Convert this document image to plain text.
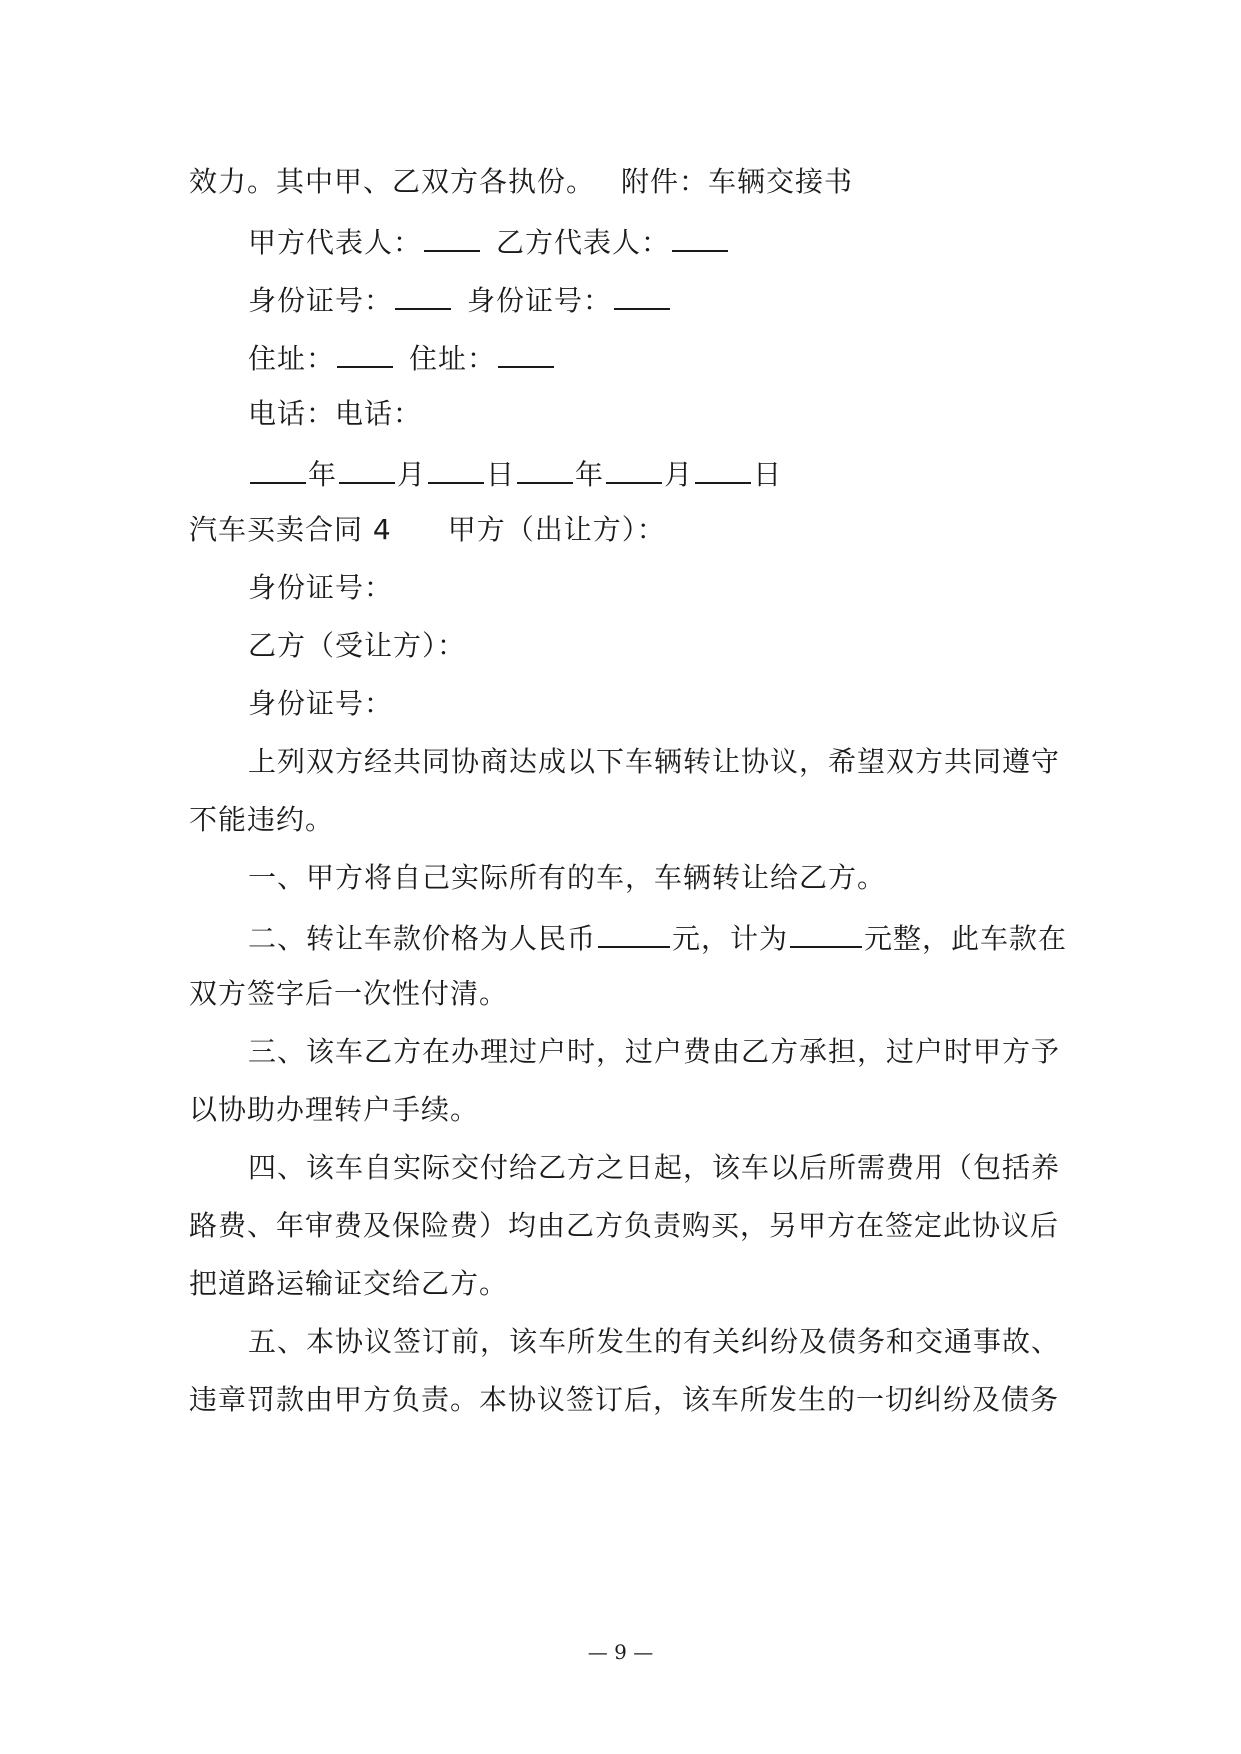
效力。其中甲、乙双方各执份。 附件：车辆交接书
甲方代表人：	乙方代表人：
身份证号：	身份证号：
住址：	住址：
电话：电话：
年 月 日 年 月 日
汽车买卖合同 4 甲方（出让方）：
身份证号：
乙方（受让方）：
身份证号：
上列双方经共同协商达成以下车辆转让协议，希望双方共同遵守
不能违约。
一、甲方将自己实际所有的车，车辆转让给乙方。
二、转让车款价格为人民币	元，计为	元整，此车款在
双方签字后一次性付清。
三、该车乙方在办理过户时，过户费由乙方承担，过户时甲方予
以协助办理转户手续。
四、该车自实际交付给乙方之日起，该车以后所需费用（包括养
路费、年审费及保险费）均由乙方负责购买，另甲方在签定此协议后
把道路运输证交给乙方。
五、本协议签订前，该车所发生的有关纠纷及债务和交通事故、
违章罚款由甲方负责。本协议签订后，该车所发生的一切纠纷及债务
— 9 —
